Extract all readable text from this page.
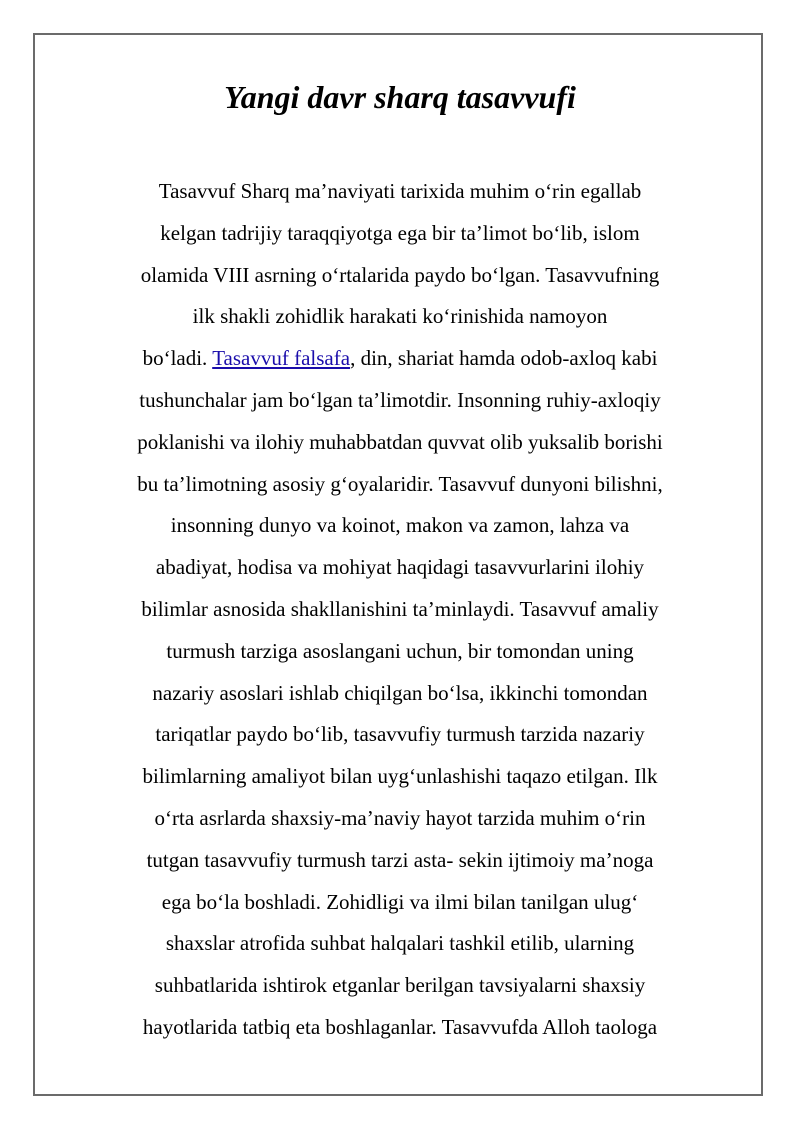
Yangi davr sharq tasavvufi

Tasavvuf Sharq ma’naviyati tarixida muhim o‘rin egallab
kelgan tadrijiy taraqqiyotga ega bir ta’limot bo‘lib, islom
olamida VIII asrning o‘rtalarida paydo bo‘lgan. Tasavvufning
ilk shakli zohidlik harakati ko‘rinishida namoyon
bo‘ladi. Tasavvuf falsafa, din, shariat hamda odob-axloq kabi
tushunchalar jam bo‘lgan ta’limotdir. Insonning ruhiy-axloqiy
poklanishi va ilohiy muhabbatdan quvvat olib yuksalib borishi
bu ta’limotning asosiy g‘oyalaridir. Tasavvuf dunyoni bilishni,
insonning dunyo va koinot, makon va zamon, lahza va
abadiyat, hodisa va mohiyat haqidagi tasavvurlarini ilohiy
bilimlar asnosida shakllanishini ta’minlaydi. Tasavvuf amaliy
turmush tarziga asoslangani uchun, bir tomondan uning
nazariy asoslari ishlab chiqilgan bo‘lsa, ikkinchi tomondan
tariqatlar paydo bo‘lib, tasavvufiy turmush tarzida nazariy
bilimlarning amaliyot bilan uyg‘unlashishi taqazo etilgan. Ilk
o‘rta asrlarda shaxsiy-ma’naviy hayot tarzida muhim o‘rin
tutgan tasavvufiy turmush tarzi asta- sekin ijtimoiy ma’noga
ega bo‘la boshladi. Zohidligi va ilmi bilan tanilgan ulug‘
shaxslar atrofida suhbat halqalari tashkil etilib, ularning
suhbatlarida ishtirok etganlar berilgan tavsiyalarni shaxsiy
hayotlarida tatbiq eta boshlaganlar. Tasavvufda Alloh taologa
